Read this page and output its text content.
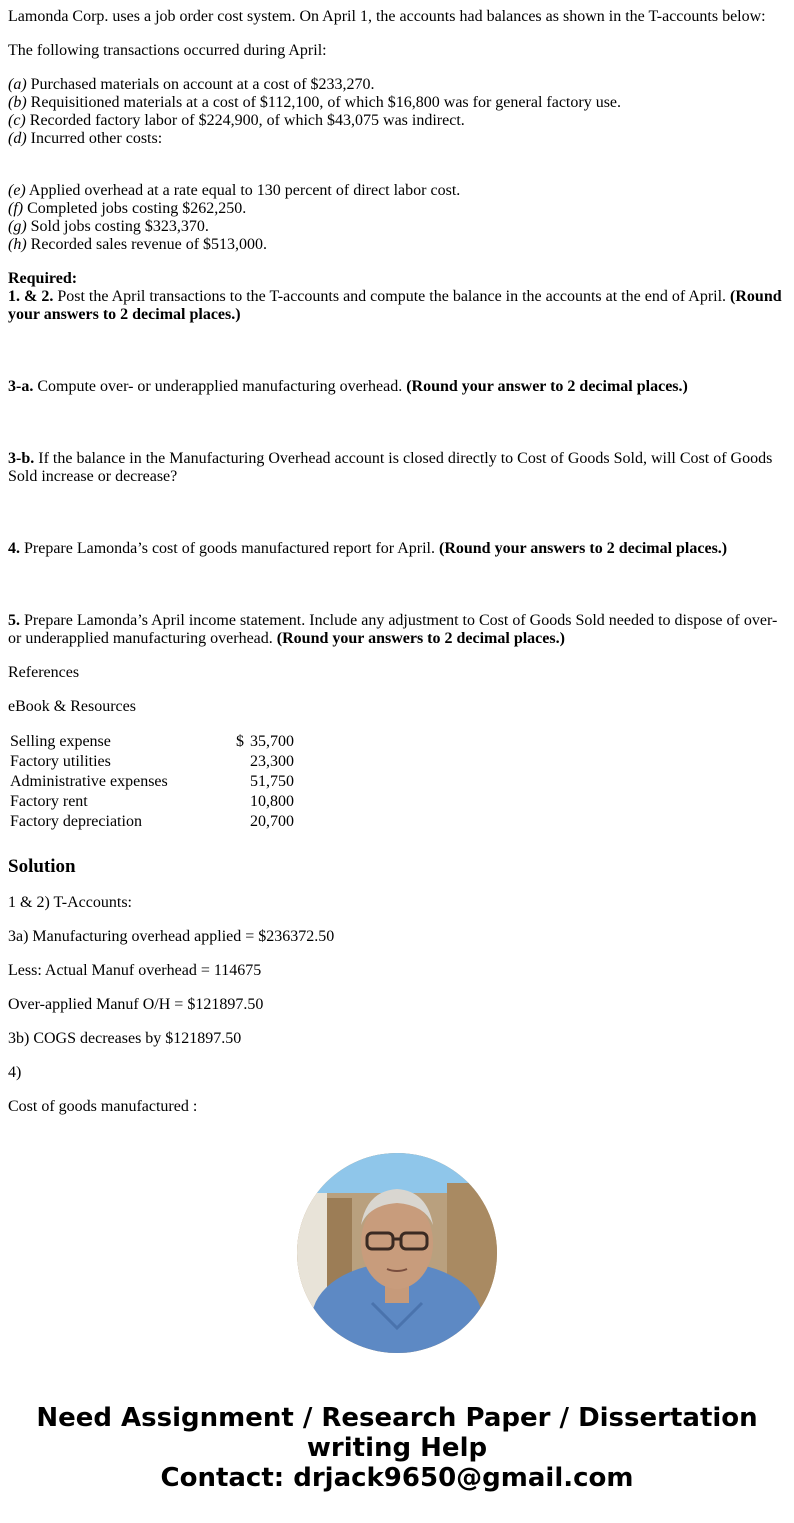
Lamonda Corp. uses a job order cost system. On April 1, the accounts had balances as shown in the T-accounts below:

The following transactions occurred during April:

(a) Purchased materials on account at a cost of $233,270.

(b) Requisitioned materials at a cost of $112,100, of which $16,800 was for general factory use.

(c) Recorded factory labor of $224,900, of which $43,075 was indirect.

(d) Incurred other costs:

(e) Applied overhead at a rate equal to 130 percent of direct labor cost.

(f) Completed jobs costing $262,250.

(g) Sold jobs costing $323,370.

(h) Recorded sales revenue of $513,000.

Required:

1. & 2. Post the April transactions to the T-accounts and compute the balance in the accounts at the end of April. (Round your answers to 2 decimal places.)

3-a. Compute over- or underapplied manufacturing overhead. (Round your answer to 2 decimal places.)

3-b. If the balance in the Manufacturing Overhead account is closed directly to Cost of Goods Sold, will Cost of Goods Sold increase or decrease?

4. Prepare Lamonda’s cost of goods manufactured report for April. (Round your answers to 2 decimal places.)

5. Prepare Lamonda’s April income statement. Include any adjustment to Cost of Goods Sold needed to dispose of over- or underapplied manufacturing overhead. (Round your answers to 2 decimal places.)

References

eBook & Resources

Selling expense	$	35,700
Factory utilities		23,300
Administrative expenses		51,750
Factory rent		10,800
Factory depreciation		20,700
Solution

1 & 2) T-Accounts:

3a) Manufacturing overhead applied = $236372.50

Less: Actual Manuf overhead = 114675

Over-applied Manuf O/H = $121897.50

3b) COGS decreases by $121897.50

4)

Cost of goods manufactured :

Need Assignment / Research Paper / Dissertation
writing Help
Contact: drjack9650@gmail.com
